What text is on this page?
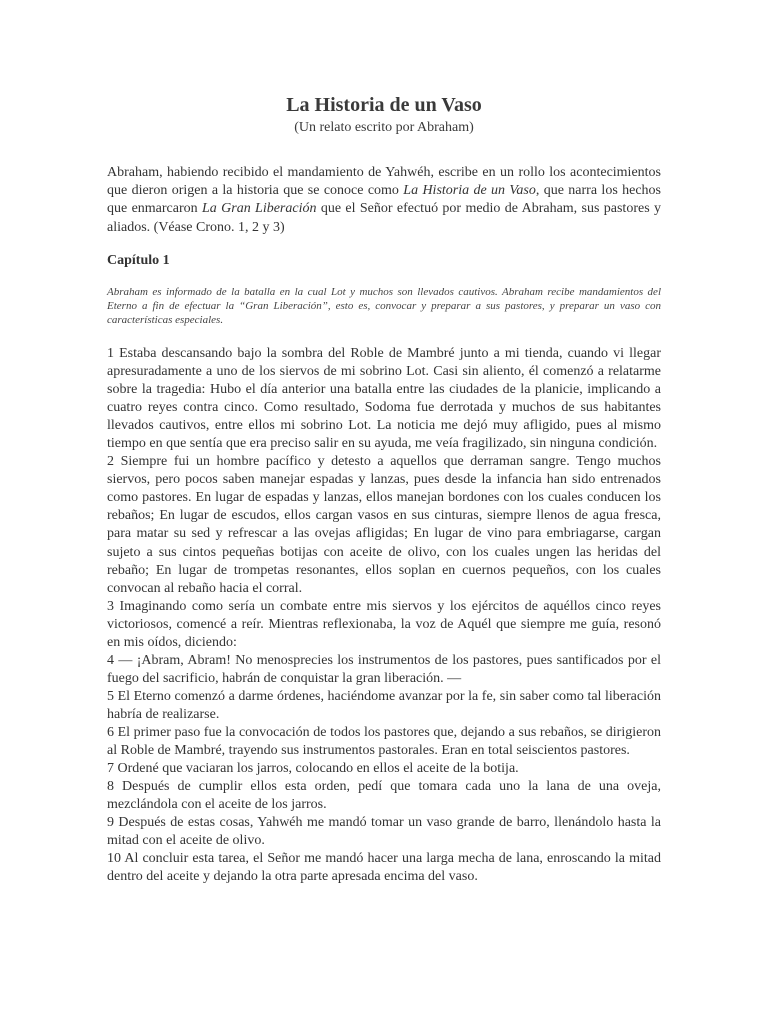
La Historia de un Vaso
(Un relato escrito por Abraham)

Abraham, habiendo recibido el mandamiento de Yahwéh, escribe en un rollo los acontecimientos que dieron origen a la historia que se conoce como La Historia de un Vaso, que narra los hechos que enmarcaron La Gran Liberación que el Señor efectuó por medio de Abraham, sus pastores y aliados. (Véase Crono. 1, 2 y 3)

Capítulo 1

Abraham es informado de la batalla en la cual Lot y muchos son llevados cautivos. Abraham recibe mandamientos del Eterno a fin de efectuar la “Gran Liberación”, esto es, convocar y preparar a sus pastores, y preparar un vaso con características especiales.

1 Estaba descansando bajo la sombra del Roble de Mambré junto a mi tienda, cuando vi llegar apresuradamente a uno de los siervos de mi sobrino Lot. Casi sin aliento, él comenzó a relatarme sobre la tragedia: Hubo el día anterior una batalla entre las ciudades de la planicie, implicando a cuatro reyes contra cinco. Como resultado, Sodoma fue derrotada y muchos de sus habitantes llevados cautivos, entre ellos mi sobrino Lot. La noticia me dejó muy afligido, pues al mismo tiempo en que sentía que era preciso salir en su ayuda, me veía fragilizado, sin ninguna condición.

2 Siempre fui un hombre pacífico y detesto a aquellos que derraman sangre. Tengo muchos siervos, pero pocos saben manejar espadas y lanzas, pues desde la infancia han sido entrenados como pastores. En lugar de espadas y lanzas, ellos manejan bordones con los cuales conducen los rebaños; En lugar de escudos, ellos cargan vasos en sus cinturas, siempre llenos de agua fresca, para matar su sed y refrescar a las ovejas afligidas; En lugar de vino para embriagarse, cargan sujeto a sus cintos pequeñas botijas con aceite de olivo, con los cuales ungen las heridas del rebaño; En lugar de trompetas resonantes, ellos soplan en cuernos pequeños, con los cuales convocan al rebaño hacia el corral.

3 Imaginando como sería un combate entre mis siervos y los ejércitos de aquéllos cinco reyes victoriosos, comencé a reír. Mientras reflexionaba, la voz de Aquél que siempre me guía, resonó en mis oídos, diciendo:

4 — ¡Abram, Abram! No menosprecies los instrumentos de los pastores, pues santificados por el fuego del sacrificio, habrán de conquistar la gran liberación. —

5 El Eterno comenzó a darme órdenes, haciéndome avanzar por la fe, sin saber como tal liberación habría de realizarse.

6 El primer paso fue la convocación de todos los pastores que, dejando a sus rebaños, se dirigieron al Roble de Mambré, trayendo sus instrumentos pastorales. Eran en total seiscientos pastores.

7 Ordené que vaciaran los jarros, colocando en ellos el aceite de la botija.

8 Después de cumplir ellos esta orden, pedí que tomara cada uno la lana de una oveja, mezclándola con el aceite de los jarros.

9 Después de estas cosas, Yahwéh me mandó tomar un vaso grande de barro, llenándolo hasta la mitad con el aceite de olivo.

10 Al concluir esta tarea, el Señor me mandó hacer una larga mecha de lana, enroscando la mitad dentro del aceite y dejando la otra parte apresada encima del vaso.
